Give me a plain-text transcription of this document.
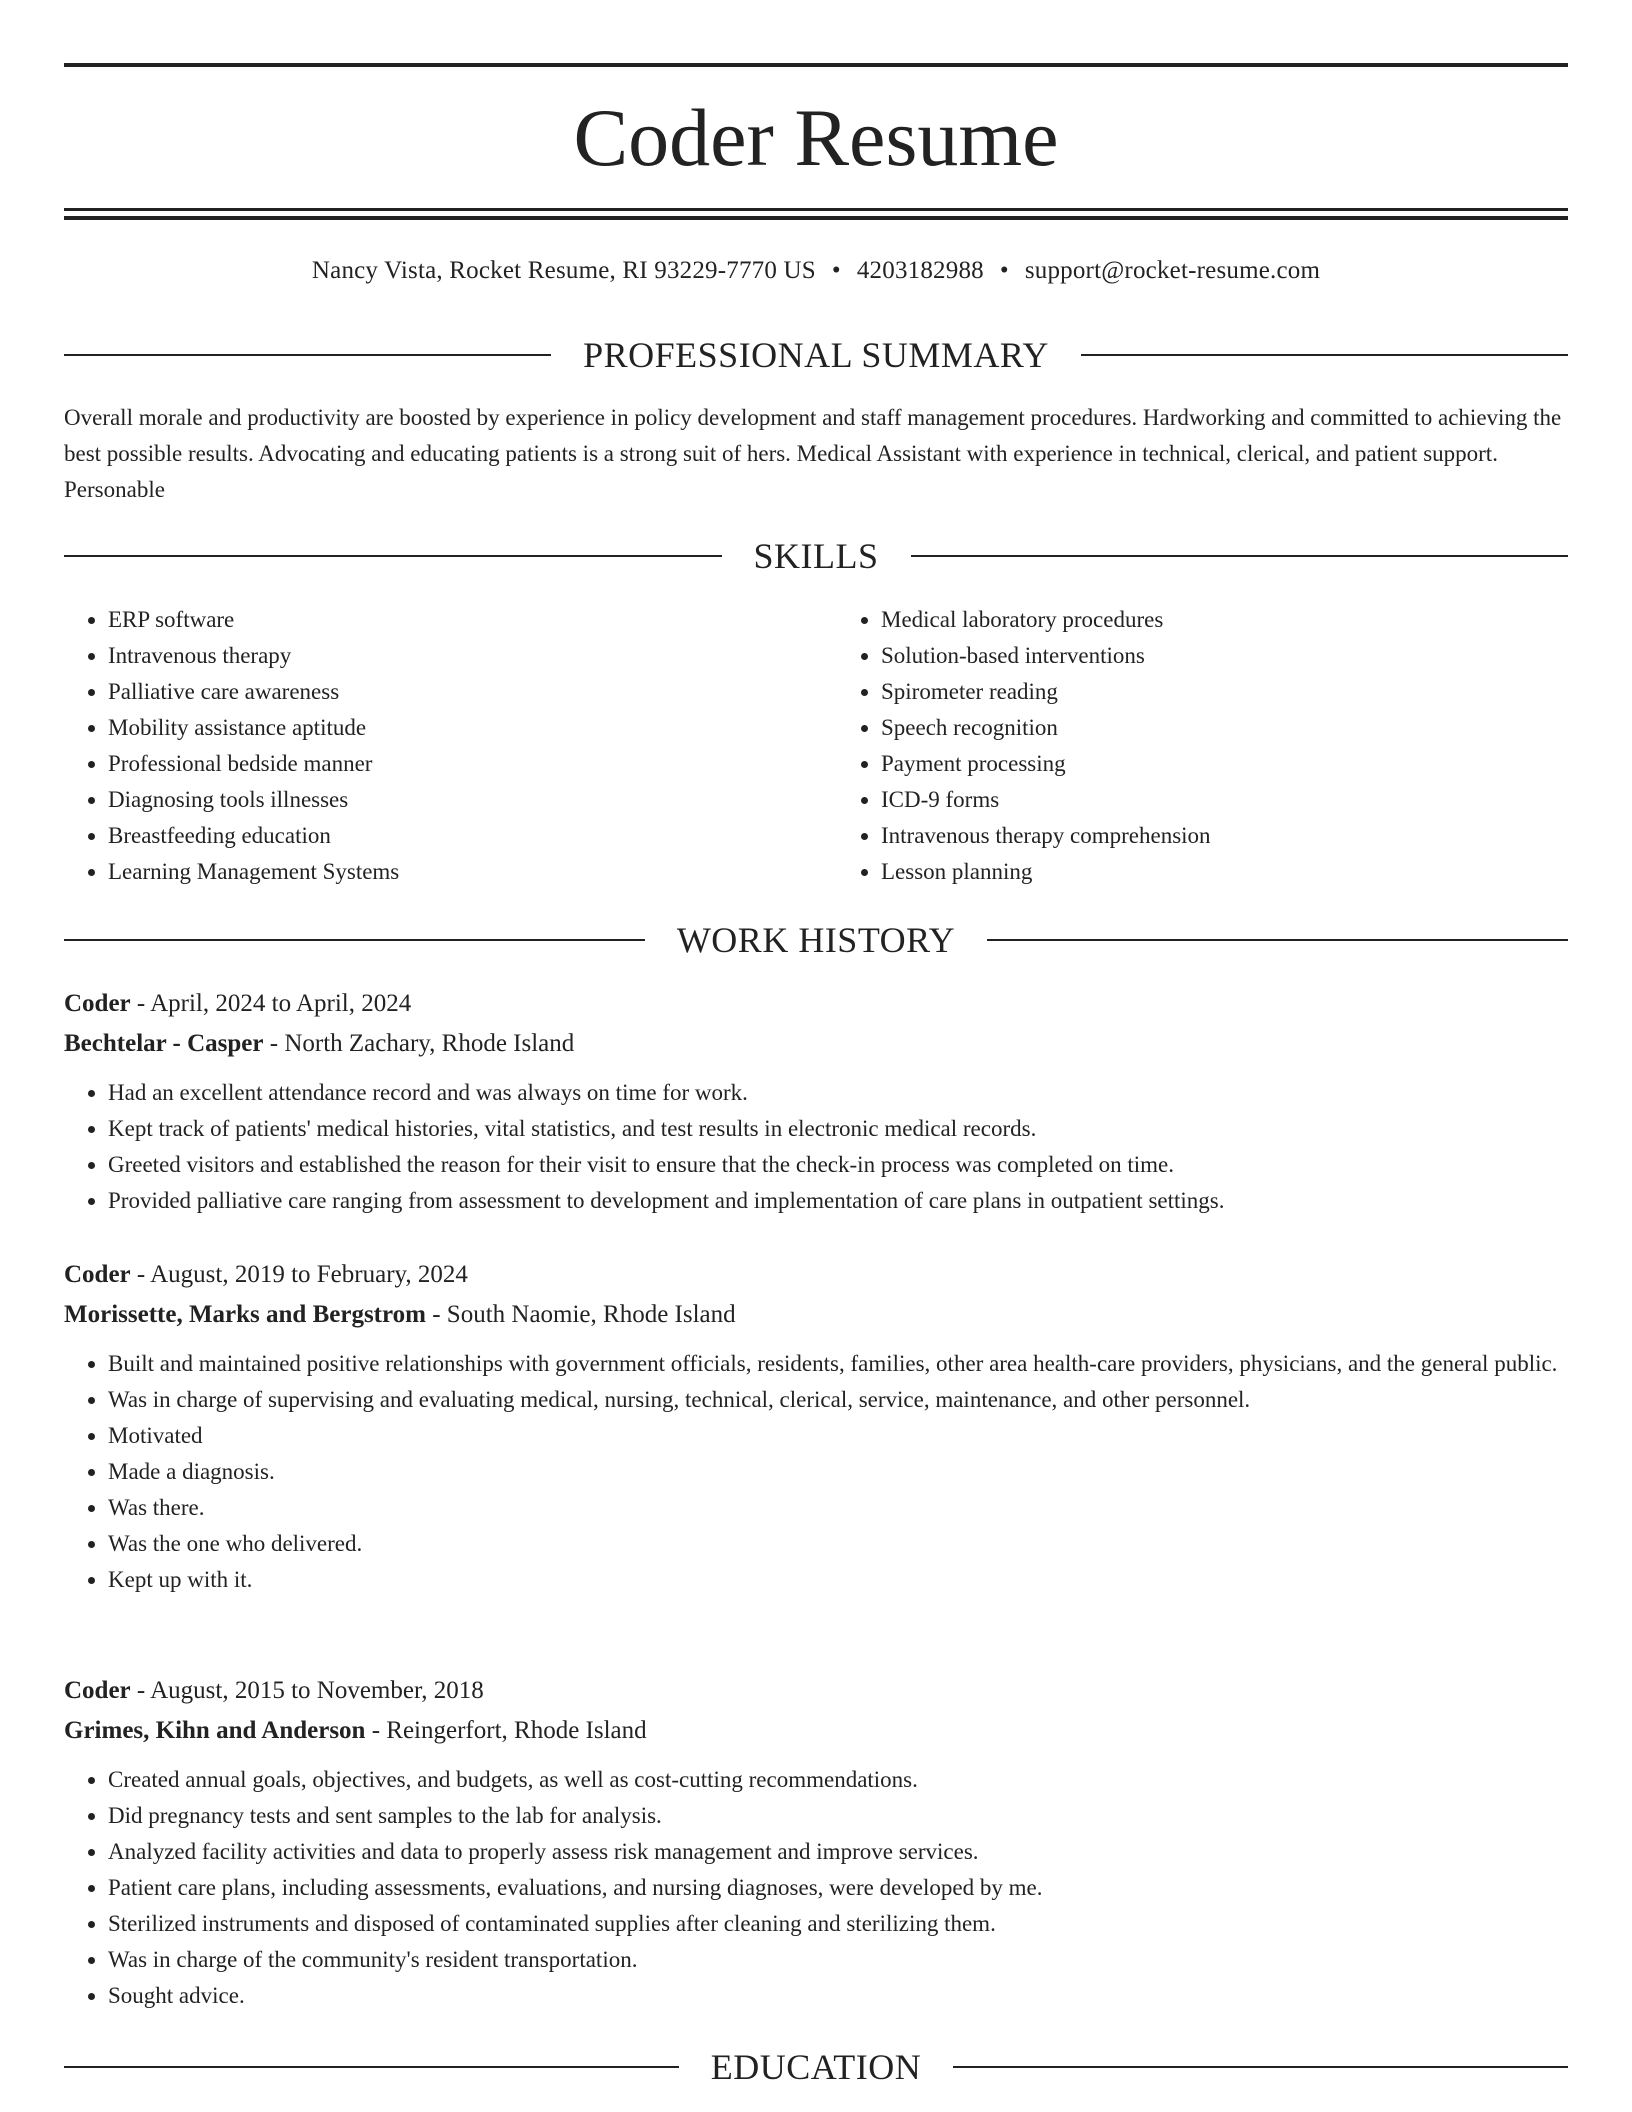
Coder Resume
Nancy Vista, Rocket Resume, RI 93229-7770 US • 4203182988 • support@rocket-resume.com
PROFESSIONAL SUMMARY
Overall morale and productivity are boosted by experience in policy development and staff management procedures. Hardworking and committed to achieving the best possible results. Advocating and educating patients is a strong suit of hers. Medical Assistant with experience in technical, clerical, and patient support. Personable
SKILLS
• ERP software
• Intravenous therapy
• Palliative care awareness
• Mobility assistance aptitude
• Professional bedside manner
• Diagnosing tools illnesses
• Breastfeeding education
• Learning Management Systems
• Medical laboratory procedures
• Solution-based interventions
• Spirometer reading
• Speech recognition
• Payment processing
• ICD-9 forms
• Intravenous therapy comprehension
• Lesson planning
WORK HISTORY
Coder - April, 2024 to April, 2024
Bechtelar - Casper - North Zachary, Rhode Island
• Had an excellent attendance record and was always on time for work.
• Kept track of patients' medical histories, vital statistics, and test results in electronic medical records.
• Greeted visitors and established the reason for their visit to ensure that the check-in process was completed on time.
• Provided palliative care ranging from assessment to development and implementation of care plans in outpatient settings.
Coder - August, 2019 to February, 2024
Morissette, Marks and Bergstrom - South Naomie, Rhode Island
• Built and maintained positive relationships with government officials, residents, families, other area health-care providers, physicians, and the general public.
• Was in charge of supervising and evaluating medical, nursing, technical, clerical, service, maintenance, and other personnel.
• Motivated
• Made a diagnosis.
• Was there.
• Was the one who delivered.
• Kept up with it.
Coder - August, 2015 to November, 2018
Grimes, Kihn and Anderson - Reingerfort, Rhode Island
• Created annual goals, objectives, and budgets, as well as cost-cutting recommendations.
• Did pregnancy tests and sent samples to the lab for analysis.
• Analyzed facility activities and data to properly assess risk management and improve services.
• Patient care plans, including assessments, evaluations, and nursing diagnoses, were developed by me.
• Sterilized instruments and disposed of contaminated supplies after cleaning and sterilizing them.
• Was in charge of the community's resident transportation.
• Sought advice.
EDUCATION
